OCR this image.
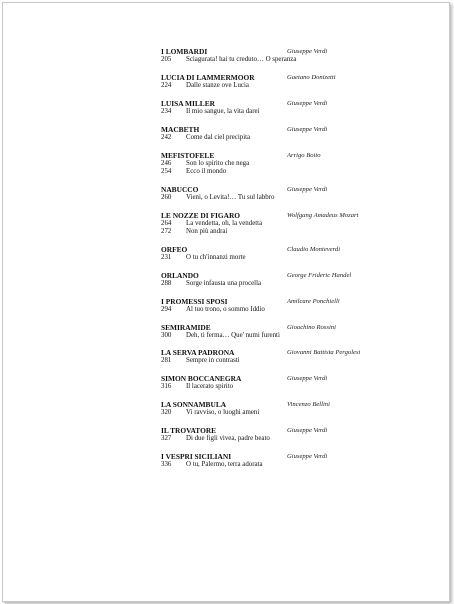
I LOMBARDI	Giuseppe Verdi
205 Sciagurata! hai tu creduto… O speranza
LUCIA DI LAMMERMOOR	Gaetano Donizetti
224 Dalle stanze ove Lucia
LUISA MILLER	Giuseppe Verdi
234 Il mio sangue, la vita darei
MACBETH	Giuseppe Verdi
242 Come dal ciel precipita
MEFISTOFELE	Arrigo Boito
246 Son lo spirito che nega
254 Ecco il mondo
NABUCCO	Giuseppe Verdi
260 Vieni, o Levita!… Tu sul labbro
LE NOZZE DI FIGARO	Wolfgang Amadeus Mozart
264 La vendetta, oh, la vendetta
272 Non più andrai
ORFEO	Claudio Monteverdi
231 O tu ch'innanzi morte
ORLANDO	George Frideric Handel
288 Sorge infausta una procella
I PROMESSI SPOSI	Amilcare Ponchielli
294 Al tuo trono, o sommo Iddio
SEMIRAMIDE	Gioachino Rossini
300 Deh, ti ferma… Que' numi furenti
LA SERVA PADRONA	Giovanni Battista Pergolesi
281 Sempre in contrasti
SIMON BOCCANEGRA	Giuseppe Verdi
316 Il lacerato spirito
LA SONNAMBULA	Vincenzo Bellini
320 Vi ravviso, o luoghi ameni
IL TROVATORE	Giuseppe Verdi
327 Di due figli vivea, padre beato
I VESPRI SICILIANI	Giuseppe Verdi
336 O tu, Palermo, terra adorata
